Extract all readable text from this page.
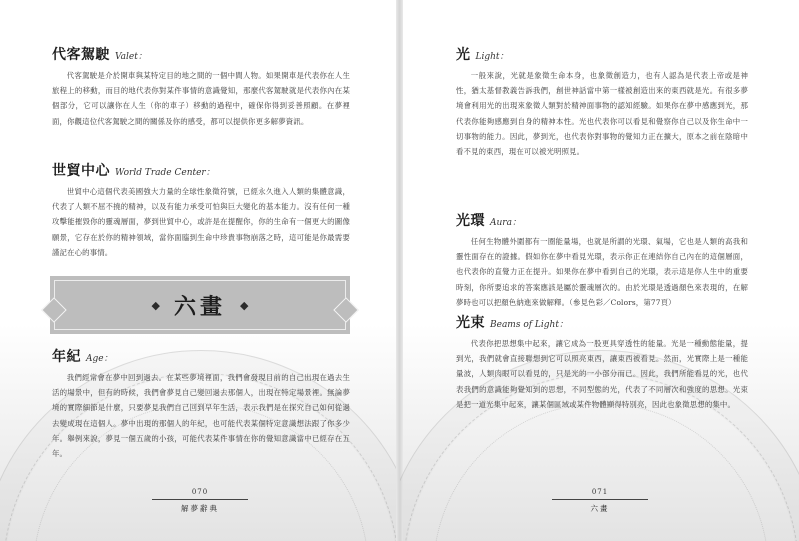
代客駕駛 Valet：
代客駕駛是介於開車與某特定目的地之間的一個中間人物。如果開車是代表你在人生旅程上的移動，而目的地代表你對某件事情的意識覺知，那麼代客駕駛就是代表你內在某個部分，它可以讓你在人生（你的車子）移動的過程中，確保你得到妥善照顧。在夢裡面，你觀這位代客駕駛之間的關係及你的感受，都可以提供你更多解夢資訊。
世貿中心 World Trade Center：
世貿中心這個代表美國強大力量的全球性象徵符號，已經永久進入人類的集體意識，代表了人類不屈不撓的精神，以及有能力承受可怕與巨大變化的基本能力。沒有任何一種攻擊能摧毀你的靈魂層面，夢到世貿中心，或許是在提醒你，你的生命有一個更大的圖像願景，它存在於你的精神領域，當你面臨到生命中珍貴事物崩落之時，這可能是你最需要謹記在心的事情。
年紀 Age：
我們經常會在夢中回到過去。在某些夢境裡面，我們會發現目前的自己出現在過去生活的場景中，但有的時候，我們會夢見自己變回過去那個人，出現在特定場景裡。無論夢境的實際細節是什麼，只要夢見我們自己回到早年生活，表示我們是在探究自己如何從過去變成現在這個人。夢中出現的那個人的年紀，也可能代表某個特定意識想法跟了你多少年。舉例來說，夢見一個五歲的小孩，可能代表某件事情在你的覺知意識當中已經存在五年。
◆ 六畫 ◆
070
解夢辭典
光 Light：
一般來說，光就是象徵生命本身，也象徵創造力，也有人認為是代表上帝或是神性，猶太基督教義告訴我們，創世神話當中第一樣被創造出來的東西就是光。有很多夢境會利用光的出現來象徵人類對於精神面事物的認知經驗。如果你在夢中感應到光，那代表你能夠感應到自身的精神本性。光也代表你可以看見和覺察你自己以及你生命中一切事物的能力。因此，夢到光，也代表你對事物的覺知力正在擴大，原本之前在陰暗中看不見的東西，現在可以被光明照見。
光環 Aura：
任何生物體外圍都有一圈能量場，也就是所謂的光環、氣場，它也是人類的高我和靈性面存在的證據。假如你在夢中看見光環，表示你正在連結你自己內在的這個層面，也代表你的直覺力正在提升。如果你在夢中看到自己的光環，表示這是你人生中的重要時刻，你所要追求的答案應該是屬於靈魂層次的。由於光環是透過顏色來表現的，在解夢時也可以把顏色納進來做解釋。（參見色彩／Colors，第77頁）
光束 Beams of Light：
代表你把思想集中起來，讓它成為一股更具穿透性的能量。光是一種動態能量，提到光，我們就會直接聯想到它可以照亮東西，讓東西被看見。然而，光實際上是一種能量波，人類肉眼可以看見的，只是光的一小部分而已。因此，我們所能看見的光，也代表我們的意識能夠覺知到的思想，不同型態的光，代表了不同層次和強度的思想。光束是把一道光集中起來，讓某個區域或某件物體顯得特別亮，因此也象徵思想的集中。
071
六畫
